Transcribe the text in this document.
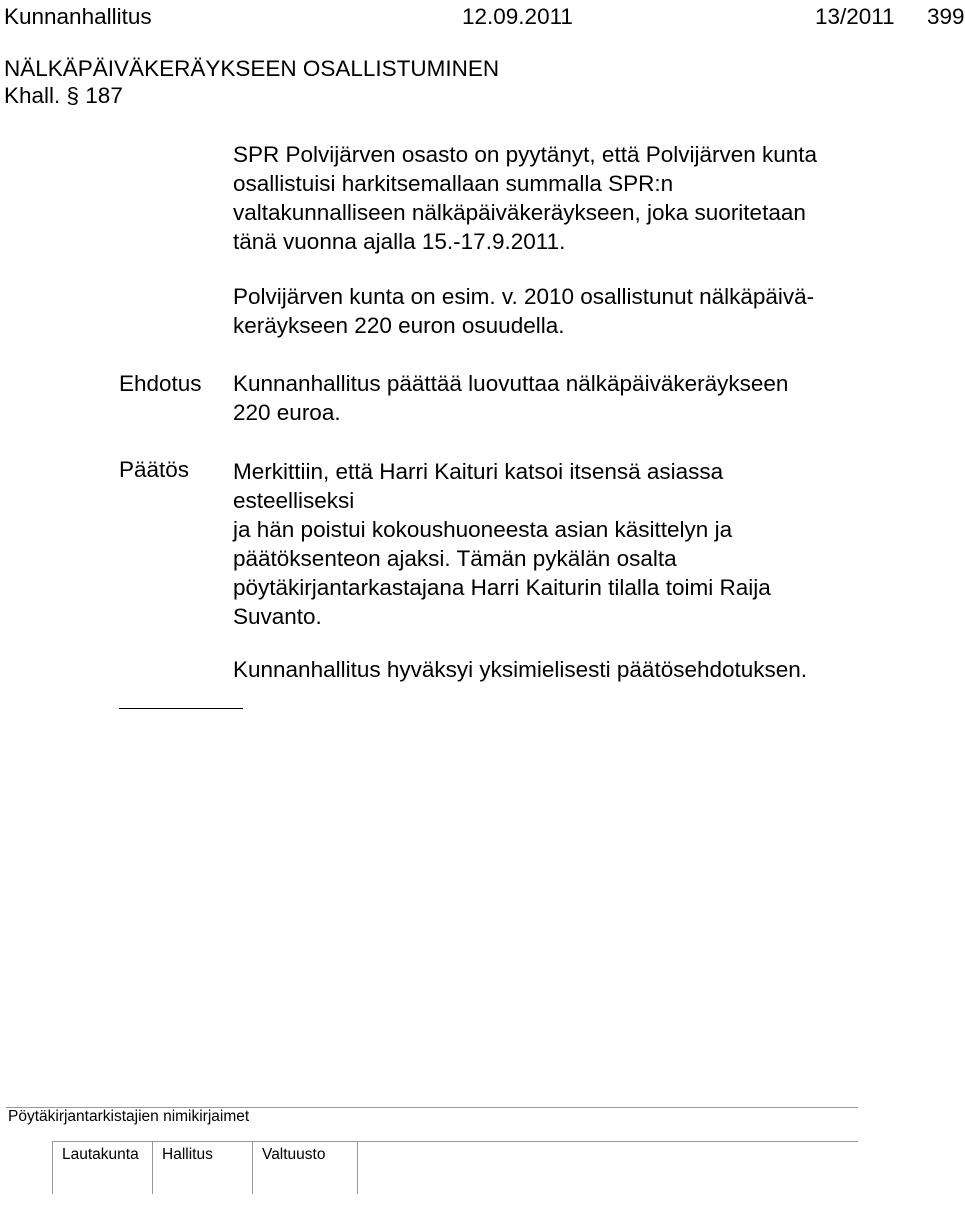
Kunnanhallitus	12.09.2011	13/2011 399
NÄLKÄPÄIVÄKERÄYKSEEN OSALLISTUMINEN
Khall. § 187
SPR Polvijärven osasto on pyytänyt, että Polvijärven kunta
osallistuisi harkitsemallaan summalla SPR:n
valtakunnalliseen nälkäpäiväkeräykseen, joka suoritetaan
tänä vuonna ajalla 15.-17.9.2011.
Polvijärven kunta on esim. v. 2010 osallistunut nälkäpäivä-
keräykseen 220 euron osuudella.
Ehdotus Kunnanhallitus päättää luovuttaa nälkäpäiväkeräykseen
220 euroa.
Päätös Merkittiin, että Harri Kaituri katsoi itsensä asiassa
esteelliseksi
ja hän poistui kokoushuoneesta asian käsittelyn ja
päätöksenteon ajaksi. Tämän pykälän osalta
pöytäkirjantarkastajana Harri Kaiturin tilalla toimi Raija
Suvanto.
Kunnanhallitus hyväksyi yksimielisesti päätösehdotuksen.
Pöytäkirjantarkistajien nimikirjaimet
Lautakunta Hallitus	Valtuusto
